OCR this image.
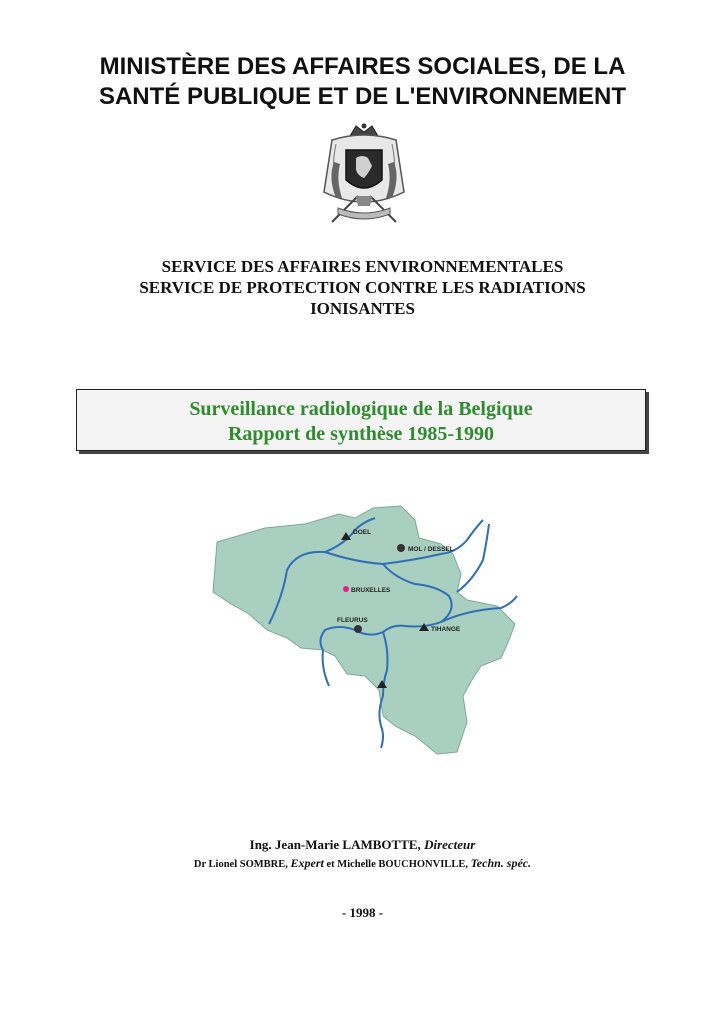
MINISTÈRE DES AFFAIRES SOCIALES, DE LA
SANTÉ PUBLIQUE ET DE L'ENVIRONNEMENT
SERVICE DES AFFAIRES ENVIRONNEMENTALES
SERVICE DE PROTECTION CONTRE LES RADIATIONS
IONISANTES
Surveillance radiologique de la Belgique
Rapport de synthèse 1985-1990
DOEL
MOL / DESSEL
BRUXELLES
FLEURUS
TIHANGE
Ing. Jean-Marie LAMBOTTE, Directeur
Dr Lionel SOMBRE, Expert et Michelle BOUCHONVILLE, Techn. spéc.
- 1998 -
